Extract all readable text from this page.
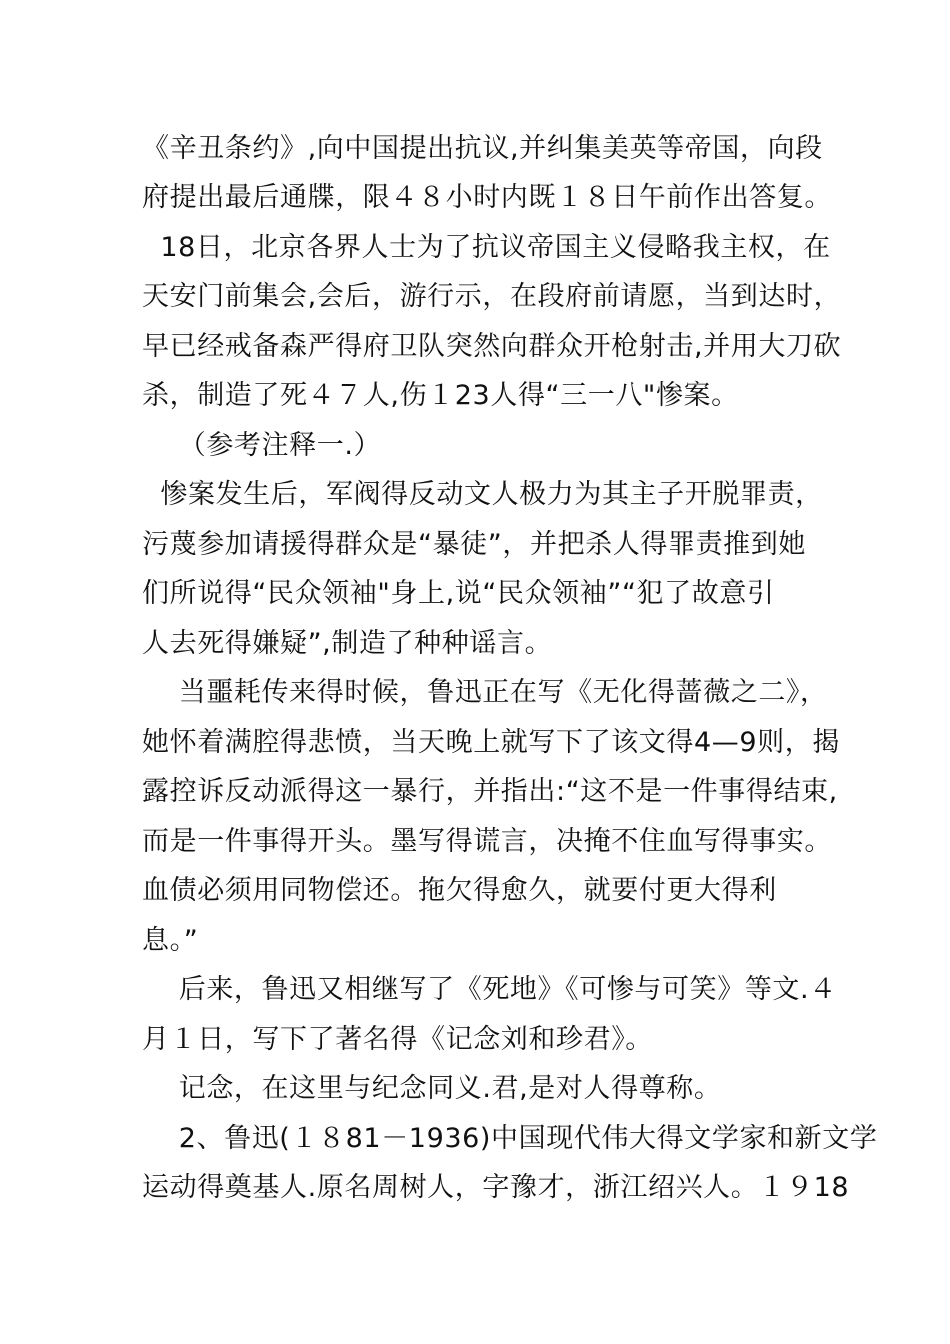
《辛丑条约》,向中国提出抗议,并纠集美英等帝国，向段
府提出最后通牒，限４８小时内既１８日午前作出答复。
18日，北京各界人士为了抗议帝国主义侵略我主权，在
天安门前集会,会后，游行示，在段府前请愿，当到达时，
早已经戒备森严得府卫队突然向群众开枪射击,并用大刀砍
杀，制造了死４７人,伤１23人得“三一八"惨案。
（参考注释一.）
惨案发生后，军阀得反动文人极力为其主子开脱罪责，
污蔑参加请援得群众是“暴徒”，并把杀人得罪责推到她
们所说得“民众领袖"身上,说“民众领袖”“犯了故意引
人去死得嫌疑”,制造了种种谣言。
当噩耗传来得时候，鲁迅正在写《无化得蔷薇之二》，
她怀着满腔得悲愤，当天晚上就写下了该文得4—9则，揭
露控诉反动派得这一暴行，并指出:“这不是一件事得结束,
而是一件事得开头。墨写得谎言，决掩不住血写得事实。
血债必须用同物偿还。拖欠得愈久，就要付更大得利
息。”
后来，鲁迅又相继写了《死地》《可惨与可笑》等文.４
月１日，写下了著名得《记念刘和珍君》。
记念，在这里与纪念同义.君,是对人得尊称。
2、鲁迅(１８81－1936)中国现代伟大得文学家和新文学
运动得奠基人.原名周树人，字豫才，浙江绍兴人。１９18
